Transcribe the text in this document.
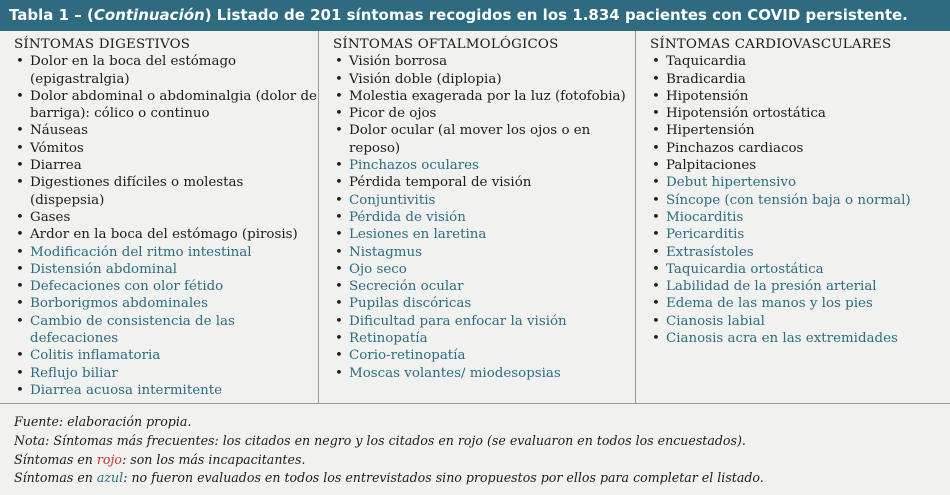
Tabla 1 – (Continuación) Listado de 201 síntomas recogidos en los 1.834 pacientes con COVID persistente.

SÍNTOMAS DIGESTIVOS

• Dolor en la boca del estómago (epigastralgia)
• Dolor abdominal o abdominalgia (dolor de barriga): cólico o continuo
• Náuseas
• Vómitos
• Diarrea
• Digestiones difíciles o molestas (dispepsia)
• Gases
• Ardor en la boca del estómago (pirosis)
• Modificación del ritmo intestinal
• Distensión abdominal
• Defecaciones con olor fétido
• Borborigmos abdominales
• Cambio de consistencia de las defecaciones
• Colitis inflamatoria
• Reflujo biliar
• Diarrea acuosa intermitente

SÍNTOMAS OFTALMOLÓGICOS

• Visión borrosa
• Visión doble (diplopia)
• Molestia exagerada por la luz (fotofobia)
• Picor de ojos
• Dolor ocular (al mover los ojos o en reposo)
• Pinchazos oculares
• Pérdida temporal de visión
• Conjuntivitis
• Pérdida de visión
• Lesiones en laretina
• Nistagmus
• Ojo seco
• Secreción ocular
• Pupilas discóricas
• Dificultad para enfocar la visión
• Retinopatía
• Corio-retinopatía
• Moscas volantes/ miodesopsias

SÍNTOMAS CARDIOVASCULARES

• Taquicardia
• Bradicardia
• Hipotensión
• Hipotensión ortostática
• Hipertensión
• Pinchazos cardiacos
• Palpitaciones
• Debut hipertensivo
• Síncope (con tensión baja o normal)
• Miocarditis
• Pericarditis
• Extrasístoles
• Taquicardia ortostática
• Labilidad de la presión arterial
• Edema de las manos y los pies
• Cianosis labial
• Cianosis acra en las extremidades

Fuente: elaboración propia.

Nota: Síntomas más frecuentes: los citados en negro y los citados en rojo (se evaluaron en todos los encuestados).

Síntomas en rojo: son los más incapacitantes.

Síntomas en azul: no fueron evaluados en todos los entrevistados sino propuestos por ellos para completar el listado.
